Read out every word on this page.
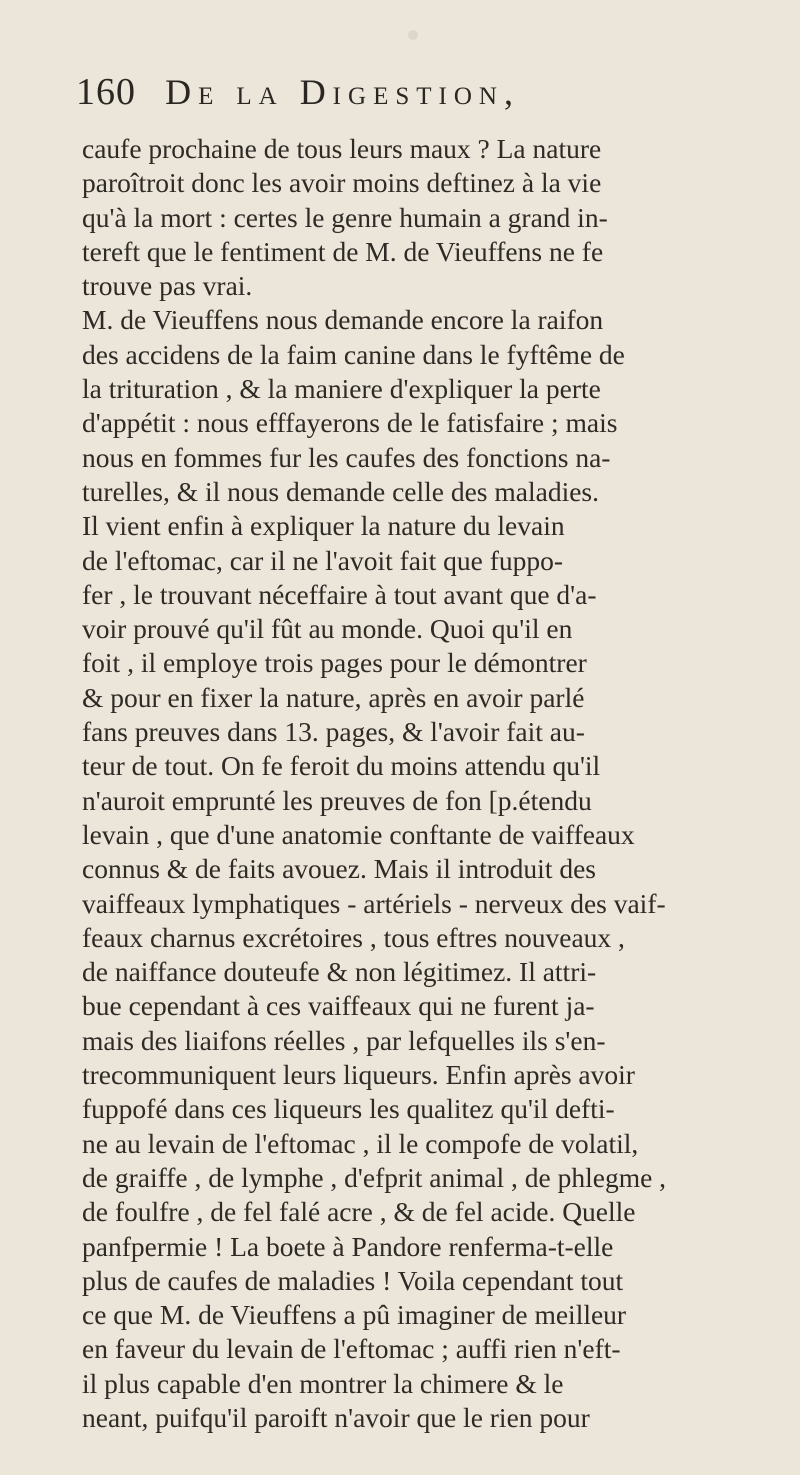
160 De la Digestion,
caufe prochaine de tous leurs maux ? La nature
paroîtroit donc les avoir moins deftinez à la vie
qu'à la mort : certes le genre humain a grand in-
tereft que le fentiment de M. de Vieuffens ne fe
trouve pas vrai.
M. de Vieuffens nous demande encore la raifon
des accidens de la faim canine dans le fyftême de
la trituration , & la maniere d'expliquer la perte
d'appétit : nous efffayerons de le fatisfaire ; mais
nous en fommes fur les caufes des fonctions na-
turelles, & il nous demande celle des maladies.
Il vient enfin à expliquer la nature du levain
de l'eftomac, car il ne l'avoit fait que fuppo-
fer , le trouvant néceffaire à tout avant que d'a-
voir prouvé qu'il fût au monde. Quoi qu'il en
foit , il employe trois pages pour le démontrer
& pour en fixer la nature, après en avoir parlé
fans preuves dans 13. pages, & l'avoir fait au-
teur de tout. On fe feroit du moins attendu qu'il
n'auroit emprunté les preuves de fon [p.étendu
levain , que d'une anatomie conftante de vaiffeaux
connus & de faits avouez. Mais il introduit des
vaiffeaux lymphatiques - artériels - nerveux des vaif-
feaux charnus excrétoires , tous eftres nouveaux ,
de naiffance douteufe & non légitimez. Il attri-
bue cependant à ces vaiffeaux qui ne furent ja-
mais des liaifons réelles , par lefquelles ils s'en-
trecommuniquent leurs liqueurs. Enfin après avoir
fuppofé dans ces liqueurs les qualitez qu'il defti-
ne au levain de l'eftomac , il le compofe de volatil,
de graiffe , de lymphe , d'efprit animal , de phlegme ,
de foulfre , de fel falé acre , & de fel acide. Quelle
panfpermie ! La boete à Pandore renferma-t-elle
plus de caufes de maladies ! Voila cependant tout
ce que M. de Vieuffens a pû imaginer de meilleur
en faveur du levain de l'eftomac ; auffi rien n'eft-
il plus capable d'en montrer la chimere & le
neant, puifqu'il paroift n'avoir que le rien pour
